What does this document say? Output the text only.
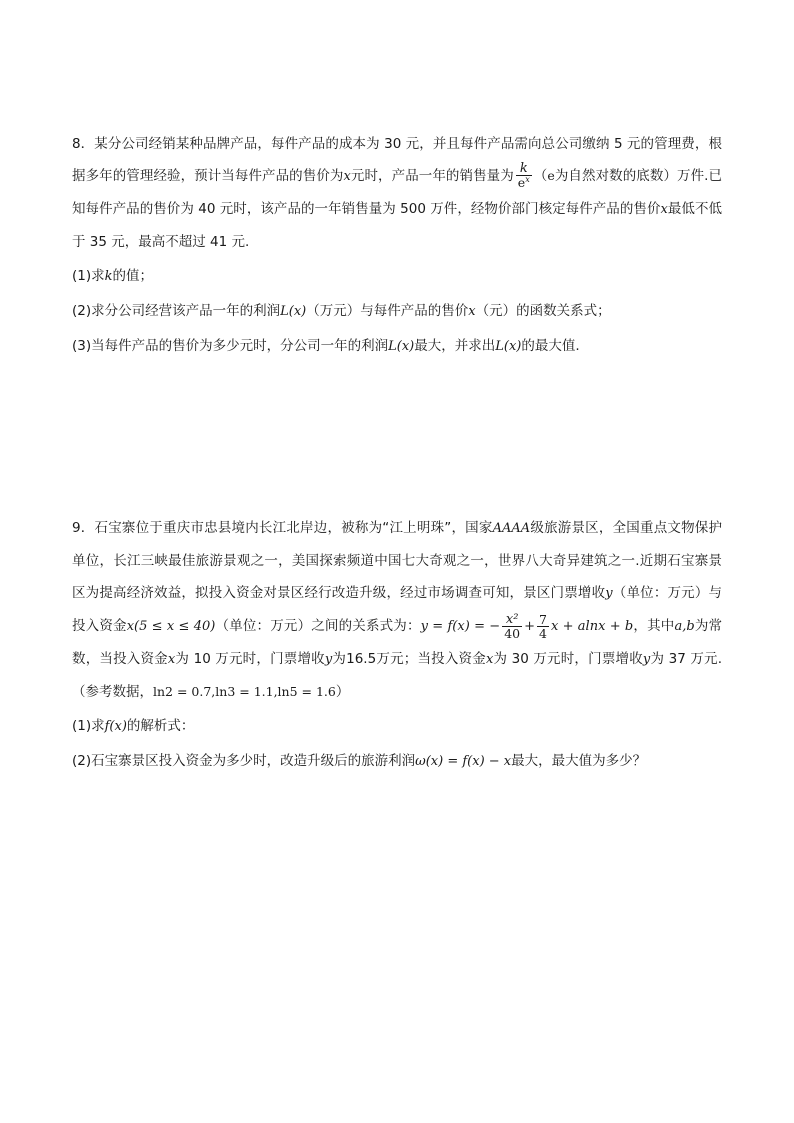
8．某分公司经销某种品牌产品，每件产品的成本为 30 元，并且每件产品需向总公司缴纳 5 元的管理费，根据多年的管理经验，预计当每件产品的售价为x元时，产品一年的销售量为 $\frac{k}{e^x} (e$为自然对数的底数）万件.已知每件产品的售价为 40 元时，该产品的一年销售量为 500 万件，经物价部门核定每件产品的售价x最低不低于 35 元，最高不超过 41 元.

(1)求k的值；

(2)求分公司经营该产品一年的利润L(x)（万元）与每件产品的售价x（元）的函数关系式；

(3)当每件产品的售价为多少元时，分公司一年的利润L(x)最大，并求出L(x)的最大值.

9．石宝寨位于重庆市忠县境内长江北岸边，被称为“江上明珠”，国家AAAA级旅游景区，全国重点文物保护单位，长江三峡最佳旅游景观之一，美国探索频道中国七大奇观之一，世界八大奇异建筑之一.近期石宝寨景区为提高经济效益，拟投入资金对景区经行改造升级，经过市场调查可知，景区门票增收y（单位：万元）与投入资金x(5 ≤ x ≤ 40)（单位：万元）之间的关系式为：y = f(x) = − $\frac{\text{x²}}{40} + \frac{7}{4}$ x + alnx + b，其中a,b为常数，当投入资金x为 10 万元时，门票增收y为16.5万元；当投入资金x为 30 万元时，门票增收y为 37 万元.（参考数据，ln2 = 0.7,ln3 = 1.1,ln5 = 1.6）

(1)求f(x)的解析式：

(2)石宝寨景区投入资金为多少时，改造升级后的旅游利润ω(x) = f(x) − x最大，最大值为多少？
